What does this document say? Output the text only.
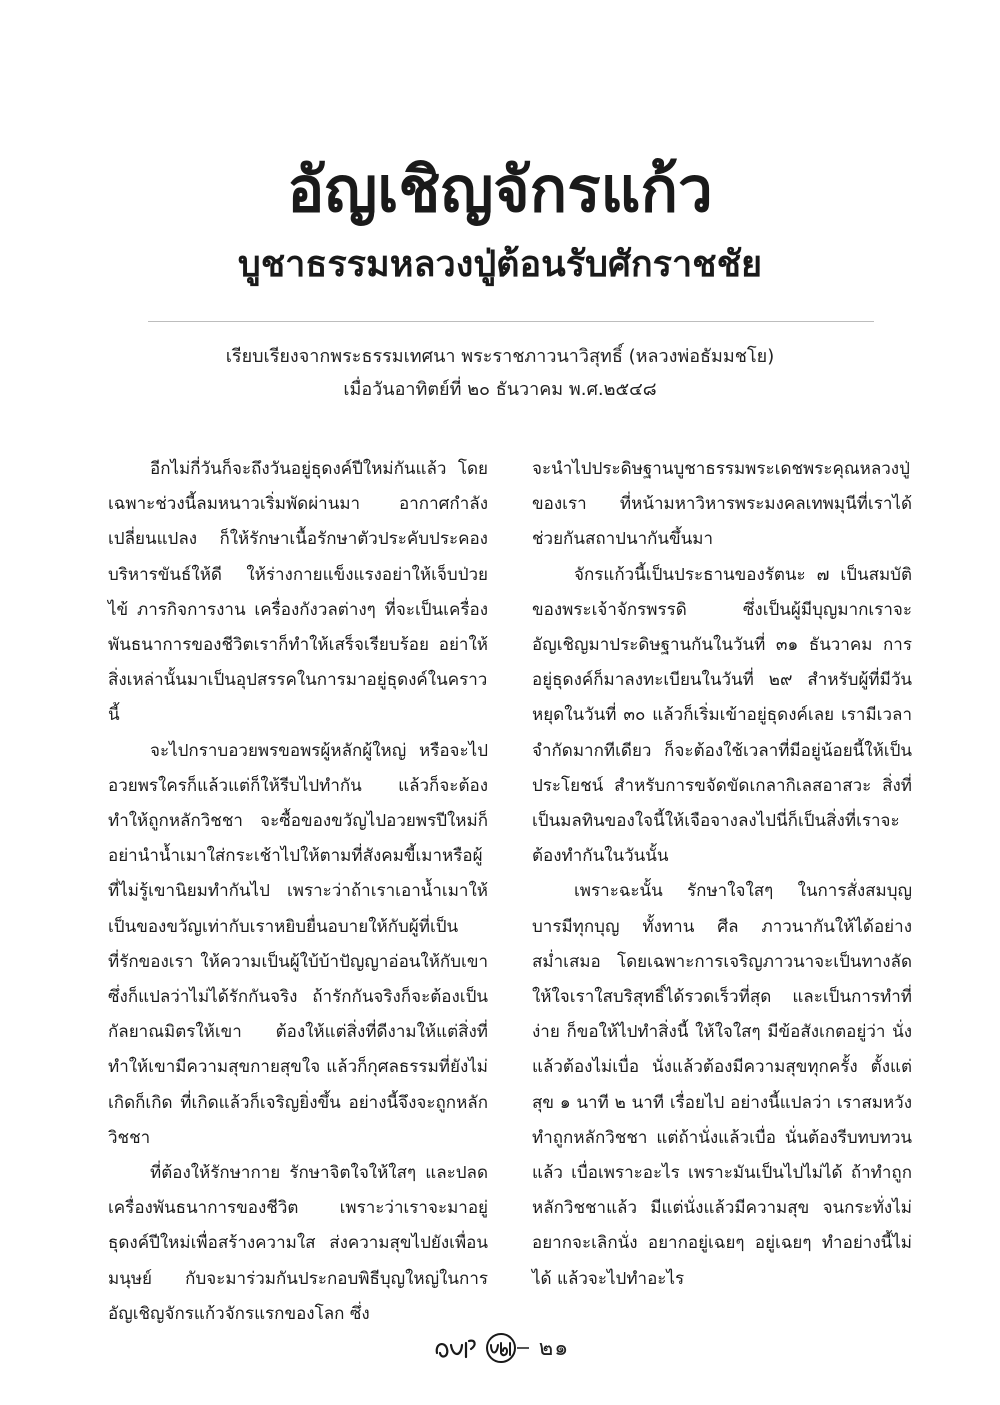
อัญเชิญจักรแก้ว
บูชาธรรมหลวงปู่ต้อนรับศักราชชัย
เรียบเรียงจากพระธรรมเทศนา พระราชภาวนาวิสุทธิ์ (หลวงพ่อธัมมชโย)
เมื่อวันอาทิตย์ที่ ๒๐ ธันวาคม พ.ศ.๒๕๔๘

อีกไม่กี่วันก็จะถึงวันอยู่ธุดงค์ปีใหม่กันแล้ว โดยเฉพาะช่วงนี้ลมหนาวเริ่มพัดผ่านมา อากาศกำลังเปลี่ยนแปลง ก็ให้รักษาเนื้อรักษาตัวประคับประคองบริหารขันธ์ให้ดี ให้ร่างกายแข็งแรงอย่าให้เจ็บป่วยไข้ ภารกิจการงาน เครื่องกังวลต่างๆ ที่จะเป็นเครื่องพันธนาการของชีวิตเราก็ทำให้เสร็จเรียบร้อย อย่าให้สิ่งเหล่านั้นมาเป็นอุปสรรคในการมาอยู่ธุดงค์ในคราวนี้

จะไปกราบอวยพรขอพรผู้หลักผู้ใหญ่ หรือจะไปอวยพรใครก็แล้วแต่ก็ให้รีบไปทำกัน แล้วก็จะต้องทำให้ถูกหลักวิชชา จะซื้อของขวัญไปอวยพรปีใหม่ก็อย่านำน้ำเมาใส่กระเช้าไปให้ตามที่สังคมขี้เมาหรือผู้ที่ไม่รู้เขานิยมทำกันไป เพราะว่าถ้าเราเอาน้ำเมาให้เป็นของขวัญเท่ากับเราหยิบยื่นอบายให้กับผู้ที่เป็นที่รักของเรา ให้ความเป็นผู้ใบ้บ้าปัญญาอ่อนให้กับเขา ซึ่งก็แปลว่าไม่ได้รักกันจริง ถ้ารักกันจริงก็จะต้องเป็นกัลยาณมิตรให้เขา ต้องให้แต่สิ่งที่ดีงามให้แต่สิ่งที่ทำให้เขามีความสุขกายสุขใจ แล้วก็กุศลธรรมที่ยังไม่เกิดก็เกิด ที่เกิดแล้วก็เจริญยิ่งขึ้น อย่างนี้จึงจะถูกหลักวิชชา

ที่ต้องให้รักษากาย รักษาจิตใจให้ใสๆ และปลดเครื่องพันธนาการของชีวิต เพราะว่าเราจะมาอยู่ธุดงค์ปีใหม่เพื่อสร้างความใส ส่งความสุขไปยังเพื่อนมนุษย์ กับจะมาร่วมกันประกอบพิธีบุญใหญ่ในการอัญเชิญจักรแก้วจักรแรกของโลก ซึ่ง

จะนำไปประดิษฐานบูชาธรรมพระเดชพระคุณหลวงปู่ของเรา ที่หน้ามหาวิหารพระมงคลเทพมุนีที่เราได้ช่วยกันสถาปนากันขึ้นมา

จักรแก้วนี้เป็นประธานของรัตนะ ๗ เป็นสมบัติของพระเจ้าจักรพรรดิ ซึ่งเป็นผู้มีบุญมากเราจะอัญเชิญมาประดิษฐานกันในวันที่ ๓๑ ธันวาคม การอยู่ธุดงค์ก็มาลงทะเบียนในวันที่ ๒๙ สำหรับผู้ที่มีวันหยุดในวันที่ ๓๐ แล้วก็เริ่มเข้าอยู่ธุดงค์เลย เรามีเวลาจำกัดมากทีเดียว ก็จะต้องใช้เวลาที่มีอยู่น้อยนี้ให้เป็นประโยชน์ สำหรับการขจัดขัดเกลากิเลสอาสวะ สิ่งที่เป็นมลทินของใจนี้ให้เจือจางลงไปนี่ก็เป็นสิ่งที่เราจะต้องทำกันในวันนั้น

เพราะฉะนั้น รักษาใจใสๆ ในการสั่งสมบุญบารมีทุกบุญ ทั้งทาน ศีล ภาวนากันให้ได้อย่างสม่ำเสมอ โดยเฉพาะการเจริญภาวนาจะเป็นทางลัดให้ใจเราใสบริสุทธิ์ได้รวดเร็วที่สุด และเป็นการทำที่ง่าย ก็ขอให้ไปทำสิ่งนี้ ให้ใจใสๆ มีข้อสังเกตอยู่ว่า นั่งแล้วต้องไม่เบื่อ นั่งแล้วต้องมีความสุขทุกครั้ง ตั้งแต่สุข ๑ นาที ๒ นาที เรื่อยไป อย่างนี้แปลว่า เราสมหวัง ทำถูกหลักวิชชา แต่ถ้านั่งแล้วเบื่อ นั่นต้องรีบทบทวนแล้ว เบื่อเพราะอะไร เพราะมันเป็นไปไม่ได้ ถ้าทำถูกหลักวิชชาแล้ว มีแต่นั่งแล้วมีความสุข จนกระทั่งไม่อยากจะเลิกนั่ง อยากอยู่เฉยๆ อยู่เฉยๆ ทำอย่างนี้ไม่ได้ แล้วจะไปทำอะไร

๒๑
